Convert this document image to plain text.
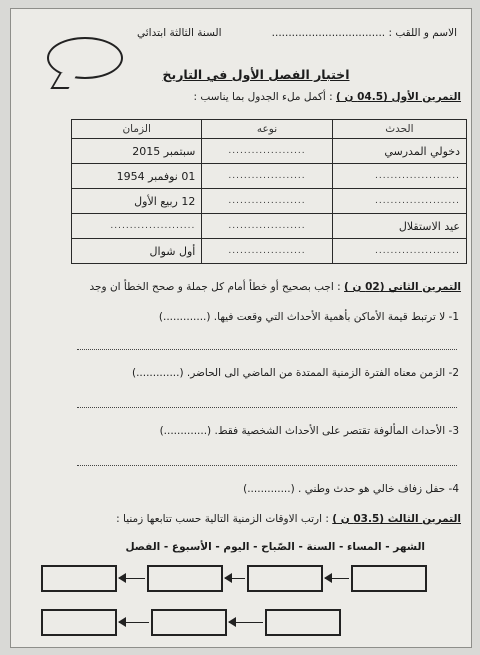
الاسم و اللقب : ..................................
السنة الثالثة ابتدائي
اختبار الفصل الأول في التاريخ
التمرين الأول (04.5 ن ) : أكمل ملء الجدول بما يناسب :
الحدث	نوعه	الزمان
دخولي المدرسي	....................	سبتمبر 2015
......................	....................	01 نوفمبر 1954
......................	....................	12 ربيع الأول
عيد الاستقلال	....................	......................
......................	....................	أول شوال
التمرين الثاني (02 ن ) : اجب بصحيح أو خطأ أمام كل جملة و صحح الخطأ ان وجد
1- لا ترتبط قيمة الأماكن بأهمية الأحداث التي وقعت فيها. (.............)
2- الزمن معناه الفترة الزمنية الممتدة من الماضي الى الحاضر. (.............)
3- الأحداث المألوفة تقتصر على الأحداث الشخصية فقط. (.............)
4- حفل زفاف خالي هو حدث وطني . (.............)
التمرين الثالث (03.5 ن ) : ارتب الاوقات الزمنية التالية حسب تتابعها زمنيا :
الشهر - المساء - السنة - الصّباح - اليوم - الأسبوع - الفصل
